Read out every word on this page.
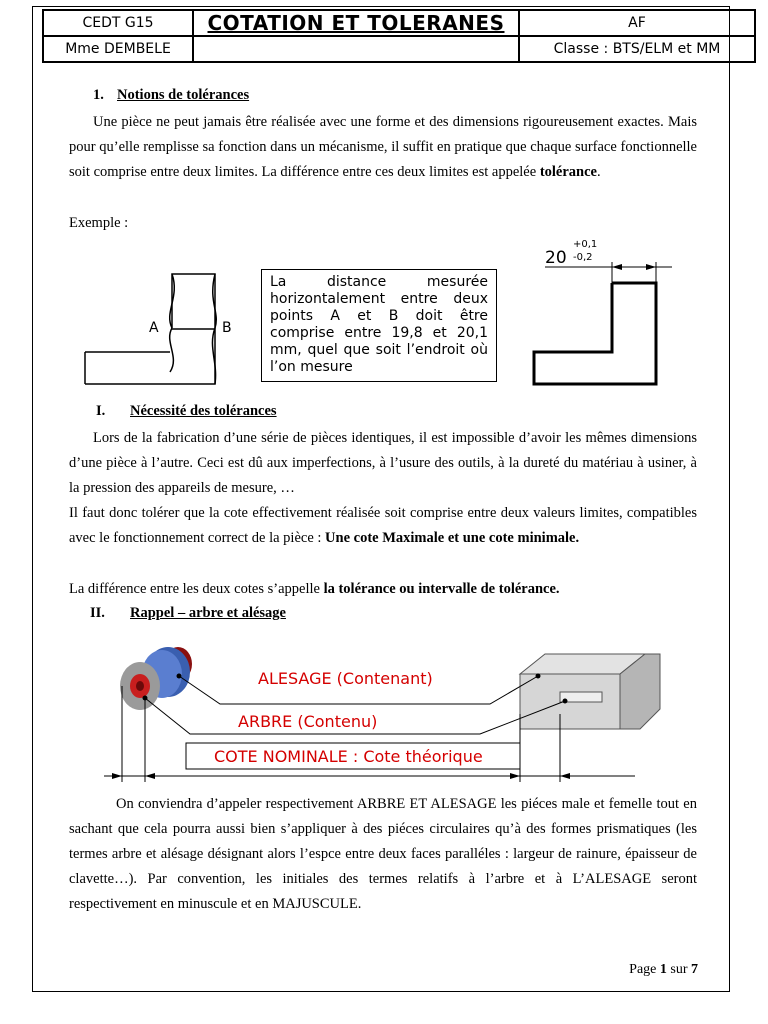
CEDT G15	COTATION ET TOLERANES	AF
Mme DEMBELE		Classe : BTS/ELM et MM
1. Notions de tolérances
Une pièce ne peut jamais être réalisée avec une forme et des dimensions rigoureusement exactes. Mais pour qu’elle remplisse sa fonction dans un mécanisme, il suffit en pratique que chaque surface fonctionnelle soit comprise entre deux limites. La différence entre ces deux limites est appelée tolérance.
Exemple :
A	B
La distance mesurée horizontalement entre deux points A et B doit être comprise entre 19,8 et 20,1 mm, quel que soit l’endroit où l’on mesure
20
+0,1
-0,2
I. Nécessité des tolérances
Lors de la fabrication d’une série de pièces identiques, il est impossible d’avoir les mêmes dimensions d’une pièce à l’autre. Ceci est dû aux imperfections, à l’usure des outils, à la dureté du matériau à usiner, à la pression des appareils de mesure, …
Il faut donc tolérer que la cote effectivement réalisée soit comprise entre deux valeurs limites, compatibles avec le fonctionnement correct de la pièce : Une cote Maximale et une cote minimale.
La différence entre les deux cotes s’appelle la tolérance ou intervalle de tolérance.
II. Rappel – arbre et alésage
ALESAGE (Contenant)
ARBRE (Contenu)
COTE NOMINALE : Cote théorique
On conviendra d’appeler respectivement ARBRE ET ALESAGE les piéces male et femelle tout en sachant que cela pourra aussi bien s’appliquer à des piéces circulaires qu’à des formes prismatiques (les termes arbre et alésage désignant alors l’espce entre deux faces paralléles : largeur de rainure, épaisseur de clavette…). Par convention, les initiales des termes relatifs à l’arbre et à L’ALESAGE seront respectivement en minuscule et en MAJUSCULE.
Page 1 sur 7
